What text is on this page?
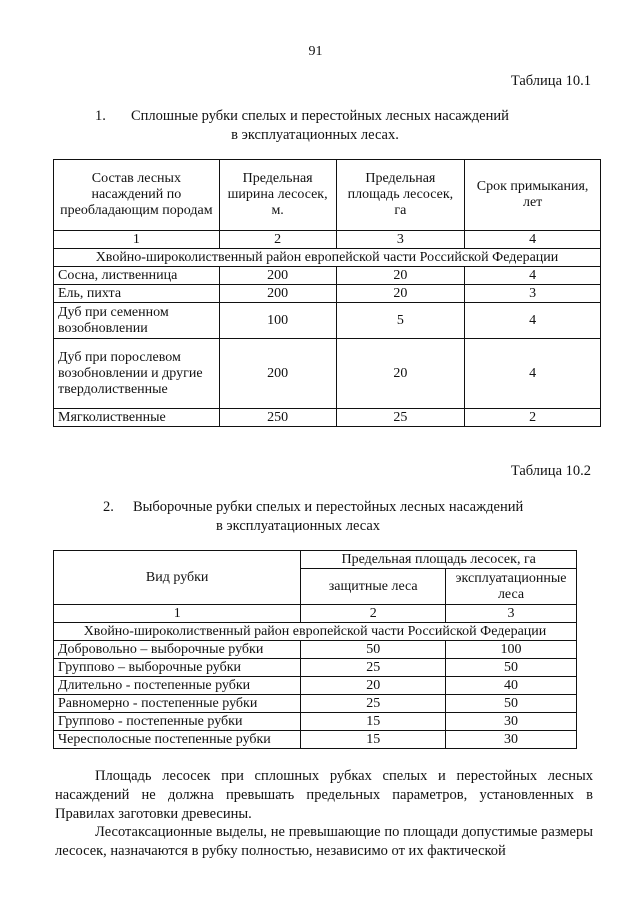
91
Таблица 10.1
1. Сплошные рубки спелых и перестойных лесных насаждений
в эксплуатационных лесах.
Состав лесных насаждений по преобладающим породам	Предельная ширина лесосек, м.	Предельная площадь лесосек, га	Срок примыкания, лет
1	2	3	4
Хвойно-широколиственный район европейской части Российской Федерации			
Сосна, лиственница	200	20	4
Ель, пихта	200	20	3
Дуб при семенном возобновлении	100	5	4
Дуб при порослевом возобновлении и другие твердолиственные	200	20	4
Мягколиственные	250	25	2
Таблица 10.2
2. Выборочные рубки спелых и перестойных лесных насаждений
в эксплуатационных лесах
Вид рубки	Предельная площадь лесосек, га	
	защитные леса	эксплуатационные леса
1	2	3
Хвойно-широколиственный район европейской части Российской Федерации		
Добровольно – выборочные рубки	50	100
Группово – выборочные рубки	25	50
Длительно - постепенные рубки	20	40
Равномерно - постепенные рубки	25	50
Группово - постепенные рубки	15	30
Чересполосные постепенные рубки	15	30
Площадь лесосек при сплошных рубках спелых и перестойных лесных насаждений не должна превышать предельных параметров, установленных в Правилах заготовки древесины.
Лесотаксационные выделы, не превышающие по площади допустимые размеры лесосек, назначаются в рубку полностью, независимо от их фактической
